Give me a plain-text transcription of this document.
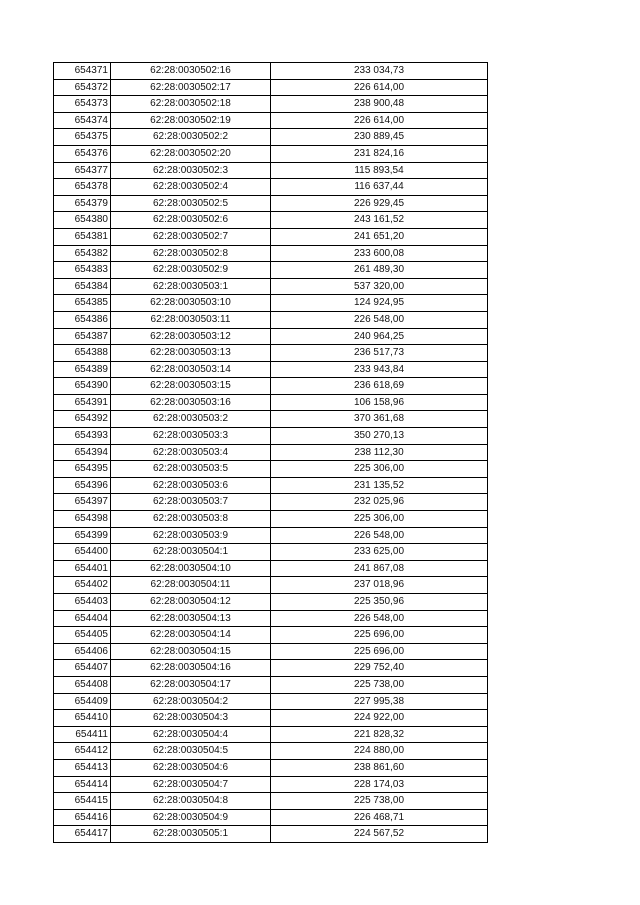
654371	62:28:0030502:16	233 034,73
654372	62:28:0030502:17	226 614,00
654373	62:28:0030502:18	238 900,48
654374	62:28:0030502:19	226 614,00
654375	62:28:0030502:2	230 889,45
654376	62:28:0030502:20	231 824,16
654377	62:28:0030502:3	115 893,54
654378	62:28:0030502:4	116 637,44
654379	62:28:0030502:5	226 929,45
654380	62:28:0030502:6	243 161,52
654381	62:28:0030502:7	241 651,20
654382	62:28:0030502:8	233 600,08
654383	62:28:0030502:9	261 489,30
654384	62:28:0030503:1	537 320,00
654385	62:28:0030503:10	124 924,95
654386	62:28:0030503:11	226 548,00
654387	62:28:0030503:12	240 964,25
654388	62:28:0030503:13	236 517,73
654389	62:28:0030503:14	233 943,84
654390	62:28:0030503:15	236 618,69
654391	62:28:0030503:16	106 158,96
654392	62:28:0030503:2	370 361,68
654393	62:28:0030503:3	350 270,13
654394	62:28:0030503:4	238 112,30
654395	62:28:0030503:5	225 306,00
654396	62:28:0030503:6	231 135,52
654397	62:28:0030503:7	232 025,96
654398	62:28:0030503:8	225 306,00
654399	62:28:0030503:9	226 548,00
654400	62:28:0030504:1	233 625,00
654401	62:28:0030504:10	241 867,08
654402	62:28:0030504:11	237 018,96
654403	62:28:0030504:12	225 350,96
654404	62:28:0030504:13	226 548,00
654405	62:28:0030504:14	225 696,00
654406	62:28:0030504:15	225 696,00
654407	62:28:0030504:16	229 752,40
654408	62:28:0030504:17	225 738,00
654409	62:28:0030504:2	227 995,38
654410	62:28:0030504:3	224 922,00
654411	62:28:0030504:4	221 828,32
654412	62:28:0030504:5	224 880,00
654413	62:28:0030504:6	238 861,60
654414	62:28:0030504:7	228 174,03
654415	62:28:0030504:8	225 738,00
654416	62:28:0030504:9	226 468,71
654417	62:28:0030505:1	224 567,52
